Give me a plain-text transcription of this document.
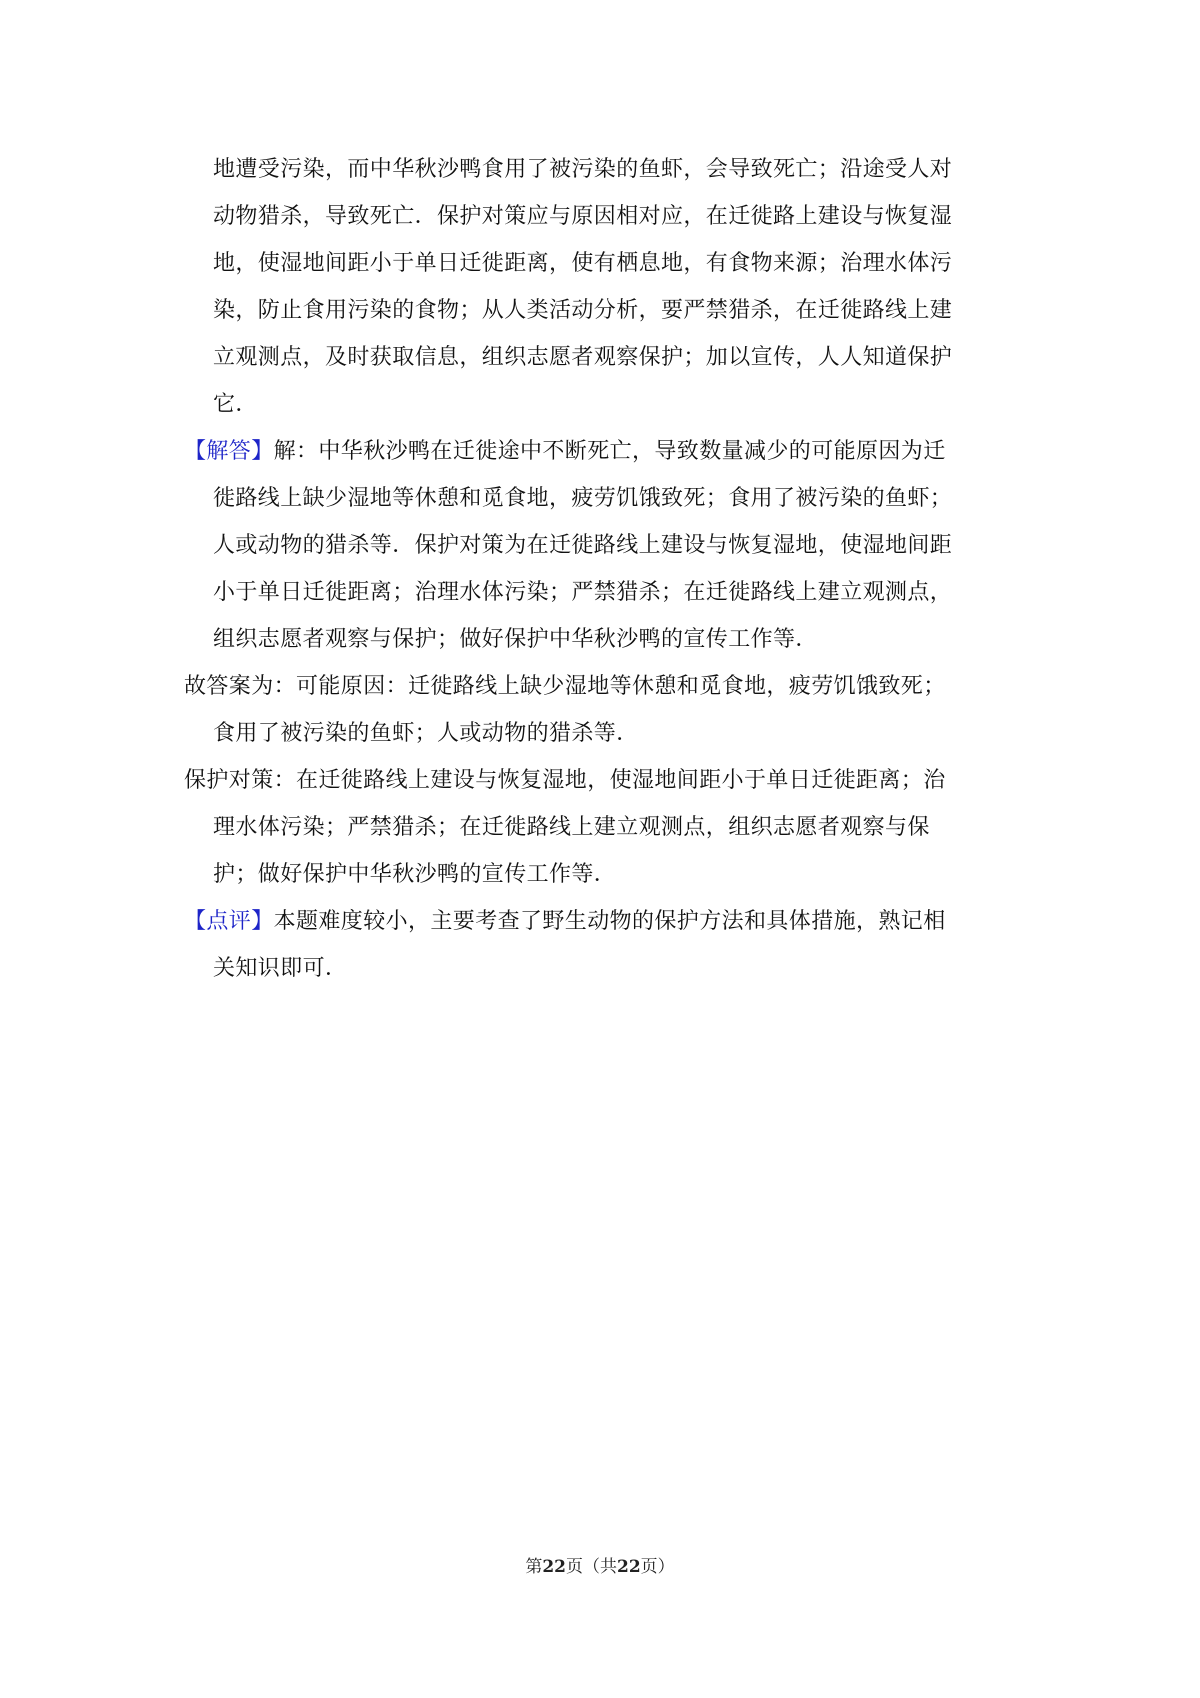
地遭受污染，而中华秋沙鸭食用了被污染的鱼虾，会导致死亡；沿途受人对
动物猎杀，导致死亡．保护对策应与原因相对应，在迁徙路上建设与恢复湿
地，使湿地间距小于单日迁徙距离，使有栖息地，有食物来源；治理水体污
染，防止食用污染的食物；从人类活动分析，要严禁猎杀，在迁徙路线上建
立观测点，及时获取信息，组织志愿者观察保护；加以宣传，人人知道保护
它．
【解答】解：中华秋沙鸭在迁徙途中不断死亡，导致数量减少的可能原因为迁
徙路线上缺少湿地等休憩和觅食地，疲劳饥饿致死；食用了被污染的鱼虾；
人或动物的猎杀等．保护对策为在迁徙路线上建设与恢复湿地，使湿地间距
小于单日迁徙距离；治理水体污染；严禁猎杀；在迁徙路线上建立观测点，
组织志愿者观察与保护；做好保护中华秋沙鸭的宣传工作等．
故答案为：可能原因：迁徙路线上缺少湿地等休憩和觅食地，疲劳饥饿致死；
食用了被污染的鱼虾；人或动物的猎杀等．
保护对策：在迁徙路线上建设与恢复湿地，使湿地间距小于单日迁徙距离；治
理水体污染；严禁猎杀；在迁徙路线上建立观测点，组织志愿者观察与保
护；做好保护中华秋沙鸭的宣传工作等．
【点评】本题难度较小，主要考查了野生动物的保护方法和具体措施，熟记相
关知识即可．
第22页（共22页）
